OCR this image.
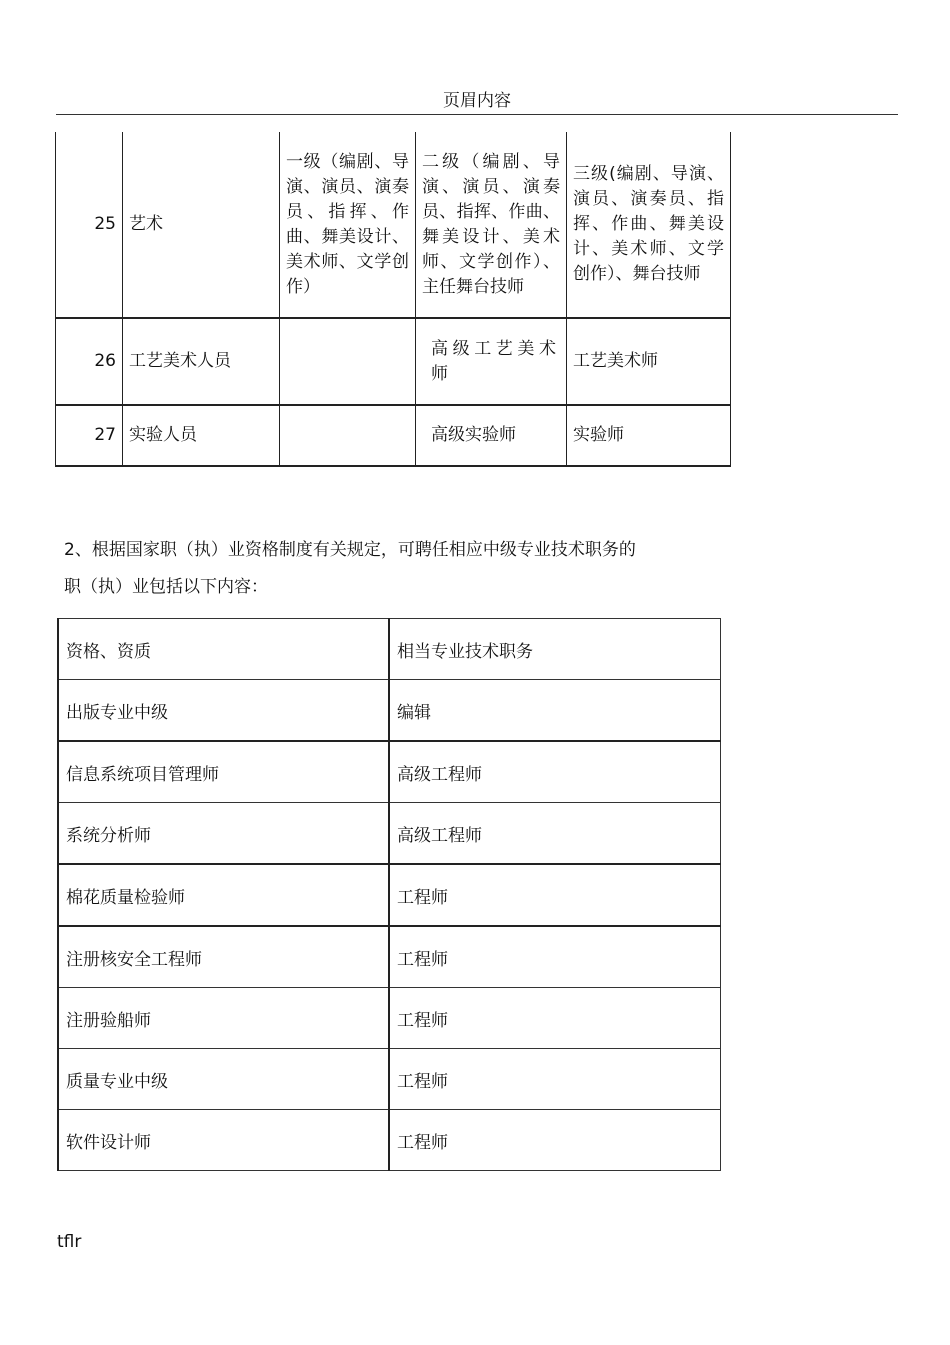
页眉内容
25	艺术	一级（编剧、导演、演员、演奏员、指挥、作曲、舞美设计、美术师、文学创作）	二级（编剧、导演、演员、演奏员、指挥、作曲、舞美设计、美术师、文学创作）、主任舞台技师	三级(编剧、导演、演员、演奏员、指挥、作曲、舞美设计、美术师、文学创作）、舞台技师
26	工艺美术人员		高级工艺美术师	工艺美术师
27	实验人员		高级实验师	实验师
2、根据国家职（执）业资格制度有关规定，可聘任相应中级专业技术职务的
职（执）业包括以下内容：
资格、资质	相当专业技术职务
出版专业中级	编辑
信息系统项目管理师	高级工程师
系统分析师	高级工程师
棉花质量检验师	工程师
注册核安全工程师	工程师
注册验船师	工程师
质量专业中级	工程师
软件设计师	工程师
tflr
